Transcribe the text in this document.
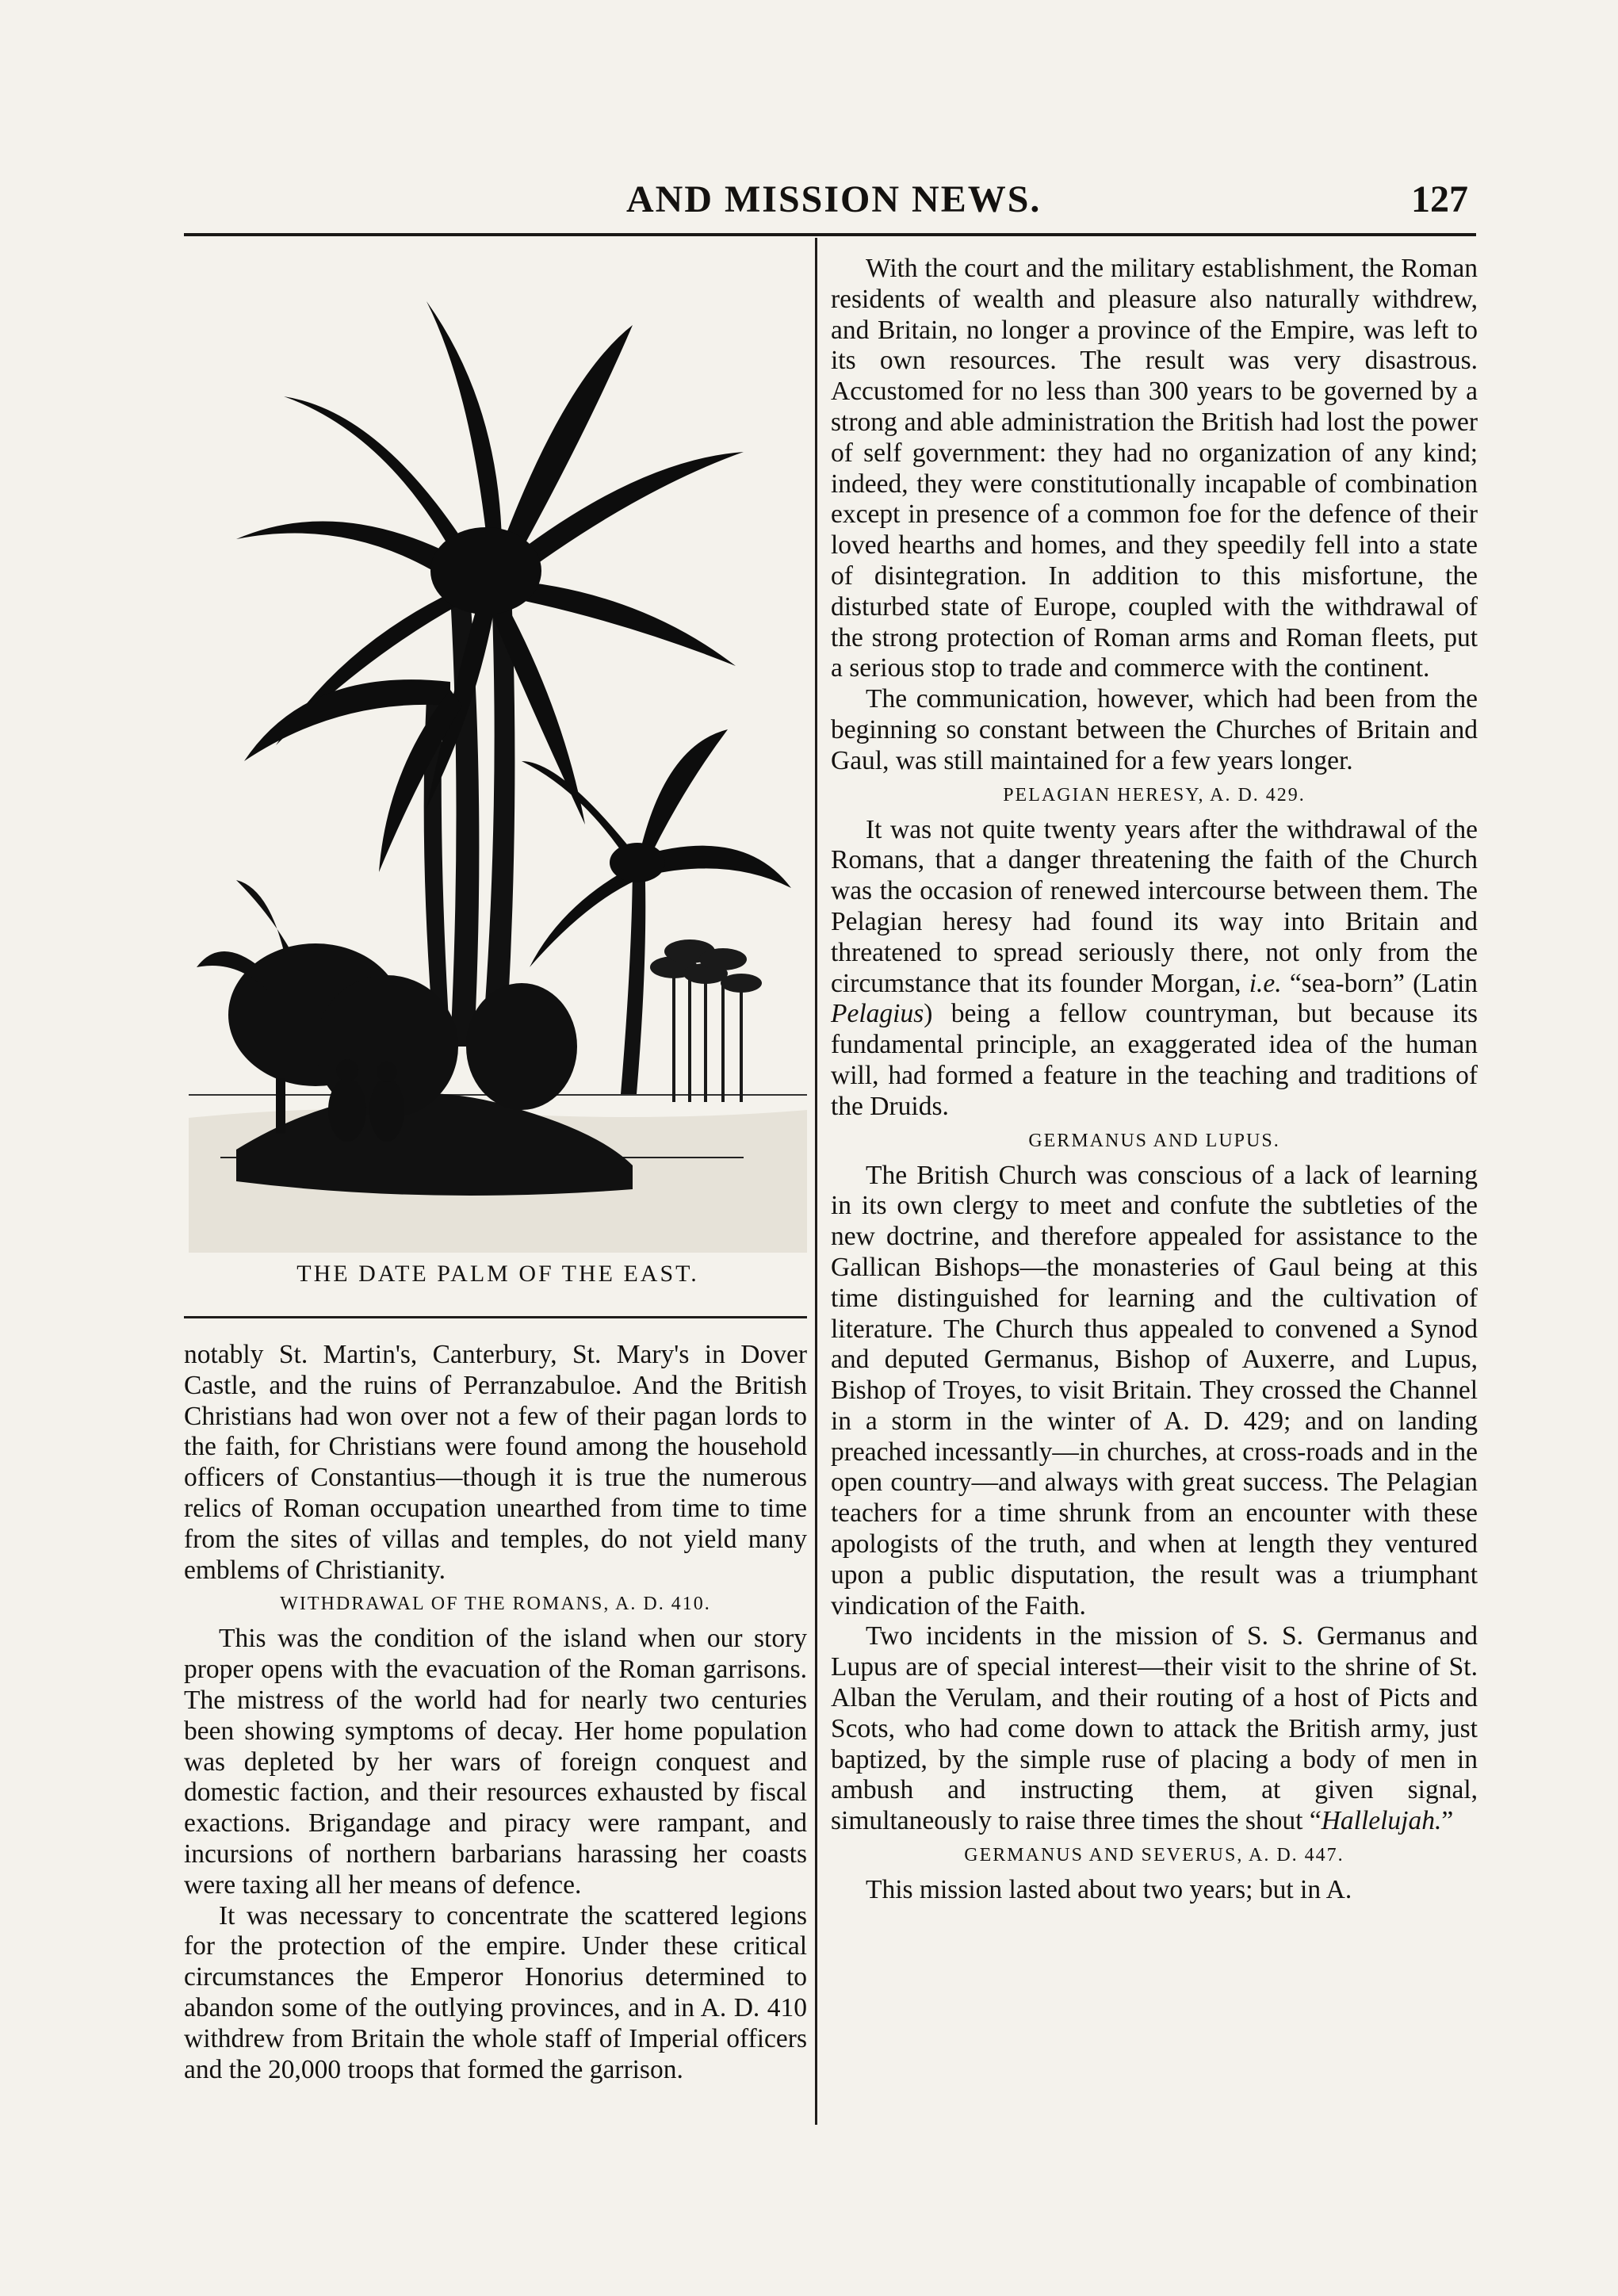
AND MISSION NEWS.	127
THE DATE PALM OF THE EAST.

notably St. Martin's, Canterbury, St. Mary's in Dover Castle, and the ruins of Perranzabuloe. And the British Christians had won over not a few of their pagan lords to the faith, for Christians were found among the household officers of Constantius—though it is true the numerous relics of Roman occupation unearthed from time to time from the sites of villas and temples, do not yield many emblems of Christianity.

WITHDRAWAL OF THE ROMANS, A. D. 410.

This was the condition of the island when our story proper opens with the evacuation of the Roman garrisons. The mistress of the world had for nearly two centuries been showing symptoms of decay. Her home population was depleted by her wars of foreign conquest and domestic faction, and their resources exhausted by fiscal exactions. Brigandage and piracy were rampant, and incursions of northern barbarians harassing her coasts were taxing all her means of defence.

It was necessary to concentrate the scattered legions for the protection of the empire. Under these critical circumstances the Emperor Honorius determined to abandon some of the outlying provinces, and in A. D. 410 withdrew from Britain the whole staff of Imperial officers and the 20,000 troops that formed the garrison.

With the court and the military establishment, the Roman residents of wealth and pleasure also naturally withdrew, and Britain, no longer a province of the Empire, was left to its own resources. The result was very disastrous. Accustomed for no less than 300 years to be governed by a strong and able administration the British had lost the power of self government: they had no organization of any kind; indeed, they were constitutionally incapable of combination except in presence of a common foe for the defence of their loved hearths and homes, and they speedily fell into a state of disintegration. In addition to this misfortune, the disturbed state of Europe, coupled with the withdrawal of the strong protection of Roman arms and Roman fleets, put a serious stop to trade and commerce with the continent.

The communication, however, which had been from the beginning so constant between the Churches of Britain and Gaul, was still maintained for a few years longer.

PELAGIAN HERESY, A. D. 429.

It was not quite twenty years after the withdrawal of the Romans, that a danger threatening the faith of the Church was the occasion of renewed intercourse between them. The Pelagian heresy had found its way into Britain and threatened to spread seriously there, not only from the circumstance that its founder Morgan, i.e. “sea-born” (Latin Pelagius) being a fellow countryman, but because its fundamental principle, an exaggerated idea of the human will, had formed a feature in the teaching and traditions of the Druids.

GERMANUS AND LUPUS.

The British Church was conscious of a lack of learning in its own clergy to meet and confute the subtleties of the new doctrine, and therefore appealed for assistance to the Gallican Bishops—the monasteries of Gaul being at this time distinguished for learning and the cultivation of literature. The Church thus appealed to convened a Synod and deputed Germanus, Bishop of Auxerre, and Lupus, Bishop of Troyes, to visit Britain. They crossed the Channel in a storm in the winter of A. D. 429; and on landing preached incessantly—in churches, at cross-roads and in the open country—and always with great success. The Pelagian teachers for a time shrunk from an encounter with these apologists of the truth, and when at length they ventured upon a public disputation, the result was a triumphant vindication of the Faith.

Two incidents in the mission of S. S. Germanus and Lupus are of special interest—their visit to the shrine of St. Alban the Verulam, and their routing of a host of Picts and Scots, who had come down to attack the British army, just baptized, by the simple ruse of placing a body of men in ambush and instructing them, at given signal, simultaneously to raise three times the shout “Hallelujah.”

GERMANUS AND SEVERUS, A. D. 447.

This mission lasted about two years; but in A.
